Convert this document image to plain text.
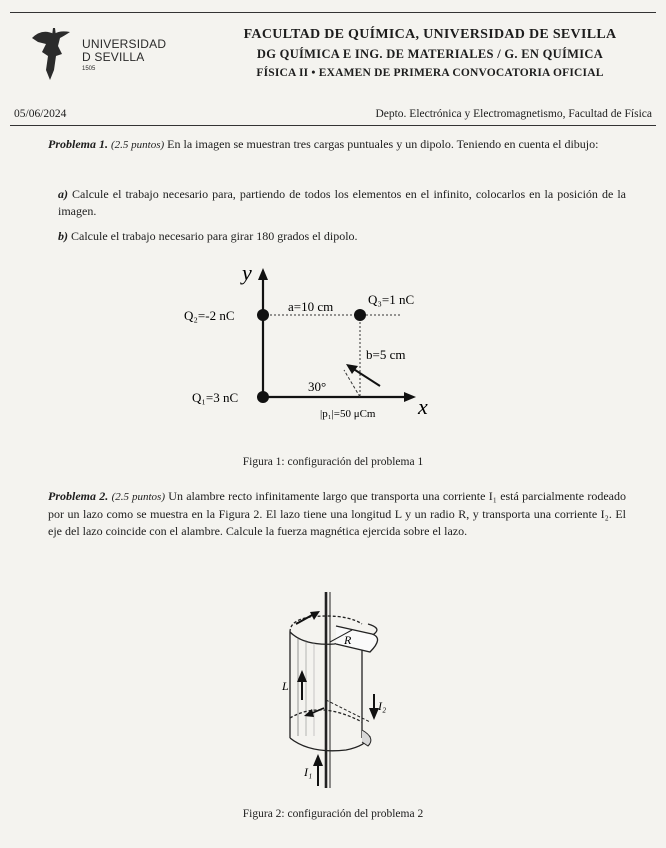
UNIVERSIDAD
D SEVILLA
1505
FACULTAD DE QUÍMICA, UNIVERSIDAD DE SEVILLA
DG QUÍMICA E ING. DE MATERIALES / G. EN QUÍMICA
FÍSICA II • EXAMEN DE PRIMERA CONVOCATORIA OFICIAL
05/06/2024	Depto. Electrónica y Electromagnetismo, Facultad de Física
Problema 1. (2.5 puntos) En la imagen se muestran tres cargas puntuales y un dipolo. Teniendo en cuenta el dibujo:
a) Calcule el trabajo necesario para, partiendo de todos los elementos en el infinito, colocarlos en la posición de la imagen.
b) Calcule el trabajo necesario para girar 180 grados el dipolo.
y
x
Q₂=-2 nC
a=10 cm	Q₃=1 nC
b=5 cm
Q₁=3 nC
30°
|p₁|=50 μCm
Figura 1: configuración del problema 1
Problema 2. (2.5 puntos) Un alambre recto infinitamente largo que transporta una corriente I₁ está parcialmente rodeado por un lazo como se muestra en la Figura 2. El lazo tiene una longitud L y un radio R, y transporta una corriente I₂. El eje del lazo coincide con el alambre. Calcule la fuerza magnética ejercida sobre el lazo.
R
L
I₂
I₁
Figura 2: configuración del problema 2
